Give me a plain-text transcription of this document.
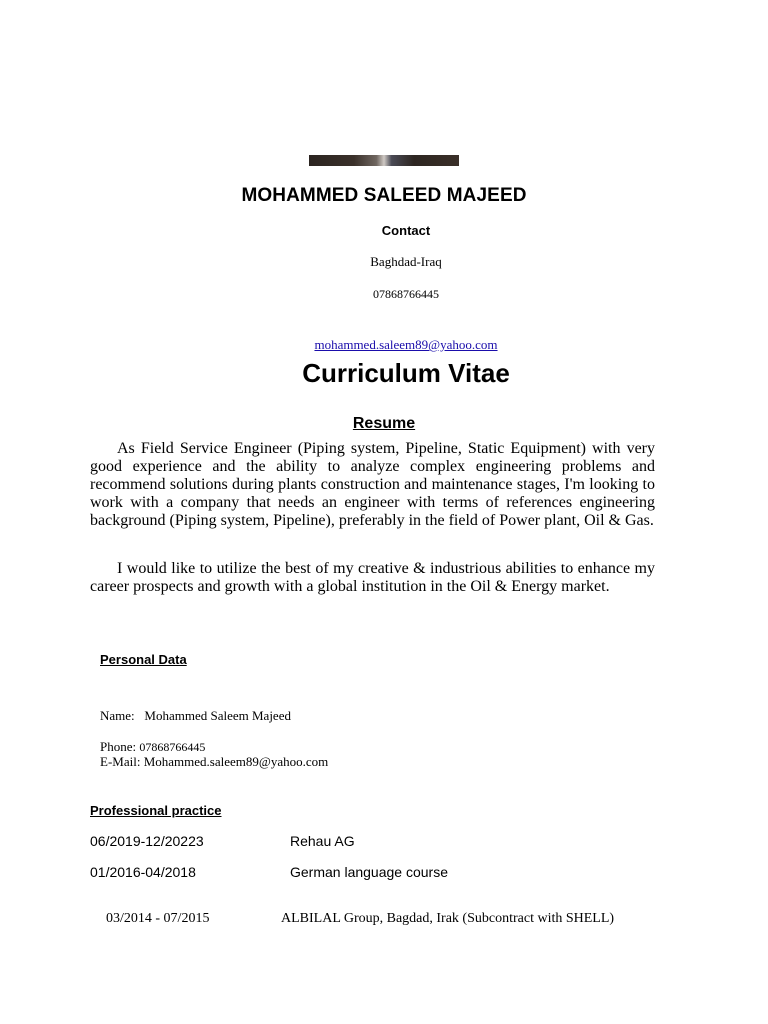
MOHAMMED SALEED MAJEED
Contact
Baghdad-Iraq
07868766445
mohammed.saleem89@yahoo.com
Curriculum Vitae
Resume
As Field Service Engineer (Piping system, Pipeline, Static Equipment) with very good experience and the ability to analyze complex engineering problems and recommend solutions during plants construction and maintenance stages, I'm looking to work with a company that needs an engineer with terms of references engineering background (Piping system, Pipeline), preferably in the field of Power plant, Oil & Gas.
I would like to utilize the best of my creative & industrious abilities to enhance my career prospects and growth with a global institution in the Oil & Energy market.
Personal Data
Name: Mohammed Saleem Majeed
Phone: 07868766445
E-Mail: Mohammed.saleem89@yahoo.com
Professional practice
06/2019-12/20223	Rehau AG
01/2016-04/2018	German language course
03/2014 - 07/2015	ALBILAL Group, Bagdad, Irak (Subcontract with SHELL)
